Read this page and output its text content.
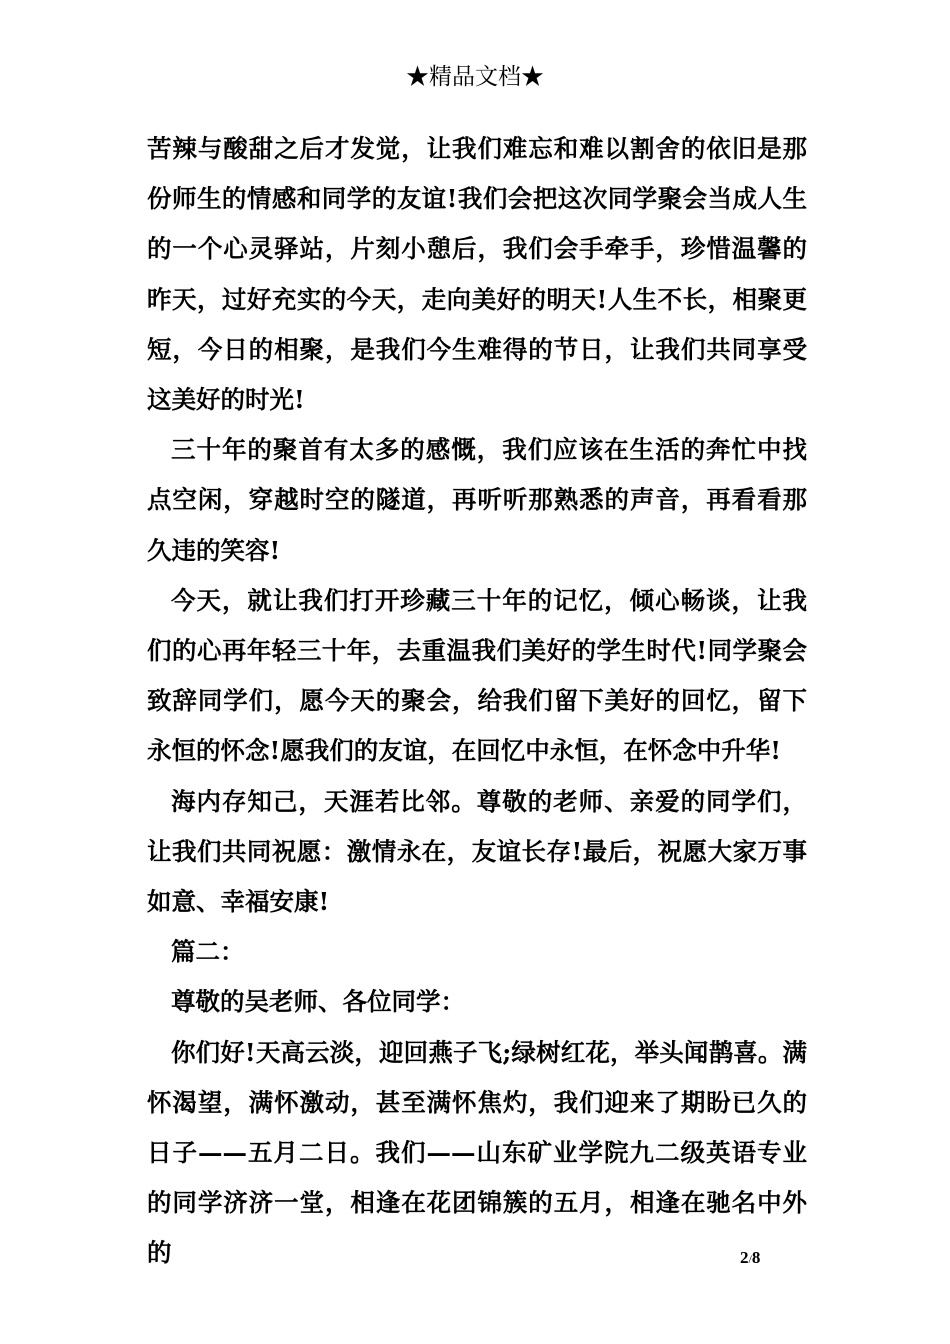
★精品文档★

苦辣与酸甜之后才发觉，让我们难忘和难以割舍的依旧是那份师生的情感和同学的友谊!我们会把这次同学聚会当成人生的一个心灵驿站，片刻小憩后，我们会手牵手，珍惜温馨的昨天，过好充实的今天，走向美好的明天!人生不长，相聚更短，今日的相聚，是我们今生难得的节日，让我们共同享受这美好的时光!

三十年的聚首有太多的感慨，我们应该在生活的奔忙中找点空闲，穿越时空的隧道，再听听那熟悉的声音，再看看那久违的笑容!

今天，就让我们打开珍藏三十年的记忆，倾心畅谈，让我们的心再年轻三十年，去重温我们美好的学生时代!同学聚会致辞同学们，愿今天的聚会，给我们留下美好的回忆，留下永恒的怀念!愿我们的友谊，在回忆中永恒，在怀念中升华!

海内存知己，天涯若比邻。尊敬的老师、亲爱的同学们，让我们共同祝愿：激情永在，友谊长存!最后，祝愿大家万事如意、幸福安康!

篇二：

尊敬的吴老师、各位同学：

你们好!天高云淡，迎回燕子飞;绿树红花，举头闻鹊喜。满怀渴望，满怀激动，甚至满怀焦灼，我们迎来了期盼已久的日子——五月二日。我们——山东矿业学院九二级英语专业的同学济济一堂，相逢在花团锦簇的五月，相逢在驰名中外的	2/8
